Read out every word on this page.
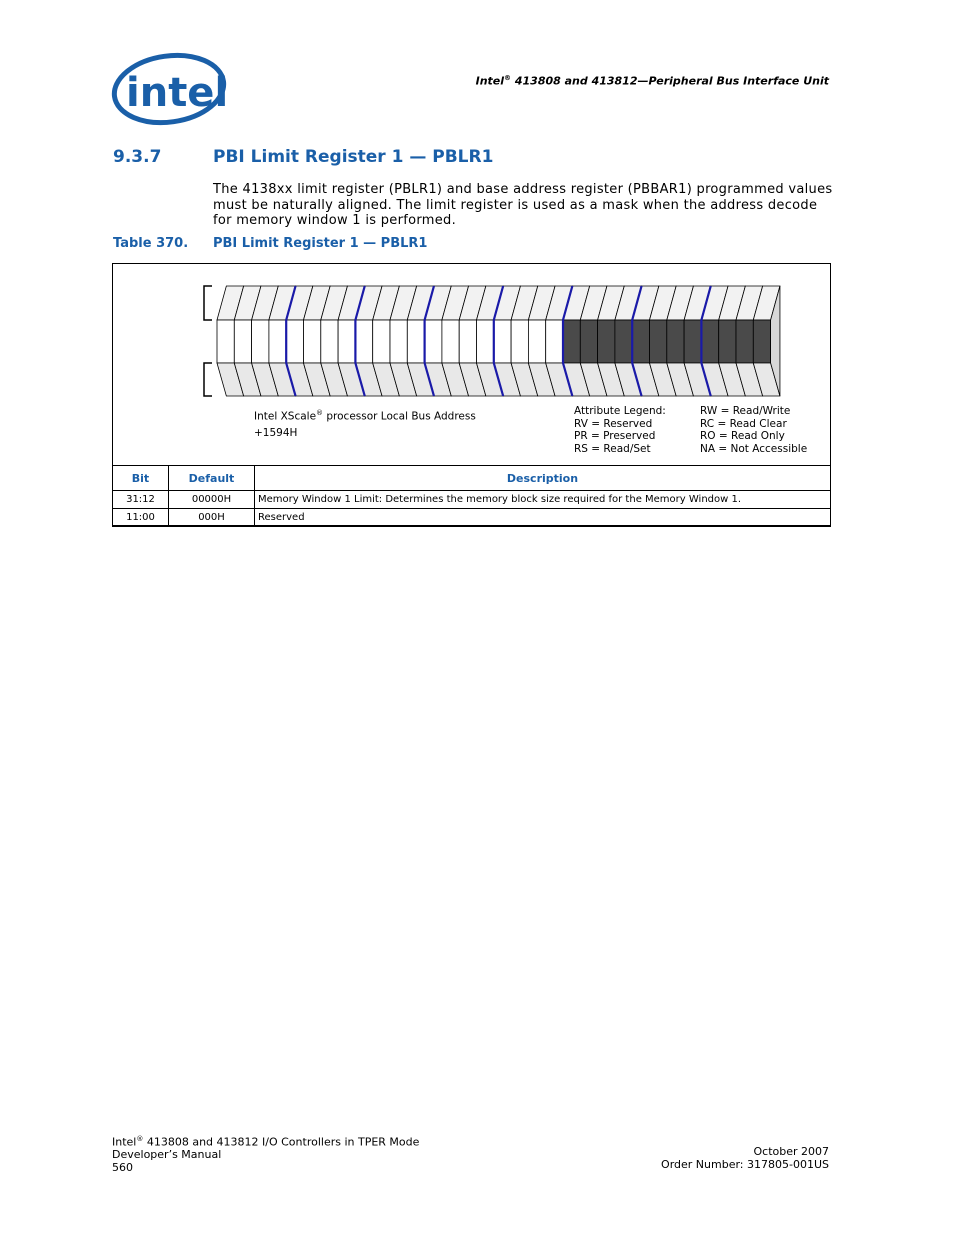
intel	Intel® 413808 and 413812—Peripheral Bus Interface Unit
9.3.7	PBI Limit Register 1 — PBLR1
The 4138xx limit register (PBLR1) and base address register (PBBAR1) programmed values must be naturally aligned. The limit register is used as a mask when the address decode for memory window 1 is performed.
Table 370. PBI Limit Register 1 — PBLR1
Intel XScale® processor Local Bus Address
+1594H
Attribute Legend:
RV = Reserved
PR = Preserved
RS = Read/Set
RW = Read/Write
RC = Read Clear
RO = Read Only
NA = Not Accessible
Bit	Default	Description
31:12	00000H	Memory Window 1 Limit: Determines the memory block size required for the Memory Window 1.
11:00	000H	Reserved
Intel® 413808 and 413812 I/O Controllers in TPER Mode
Developer’s Manual
560
October 2007
Order Number: 317805-001US
